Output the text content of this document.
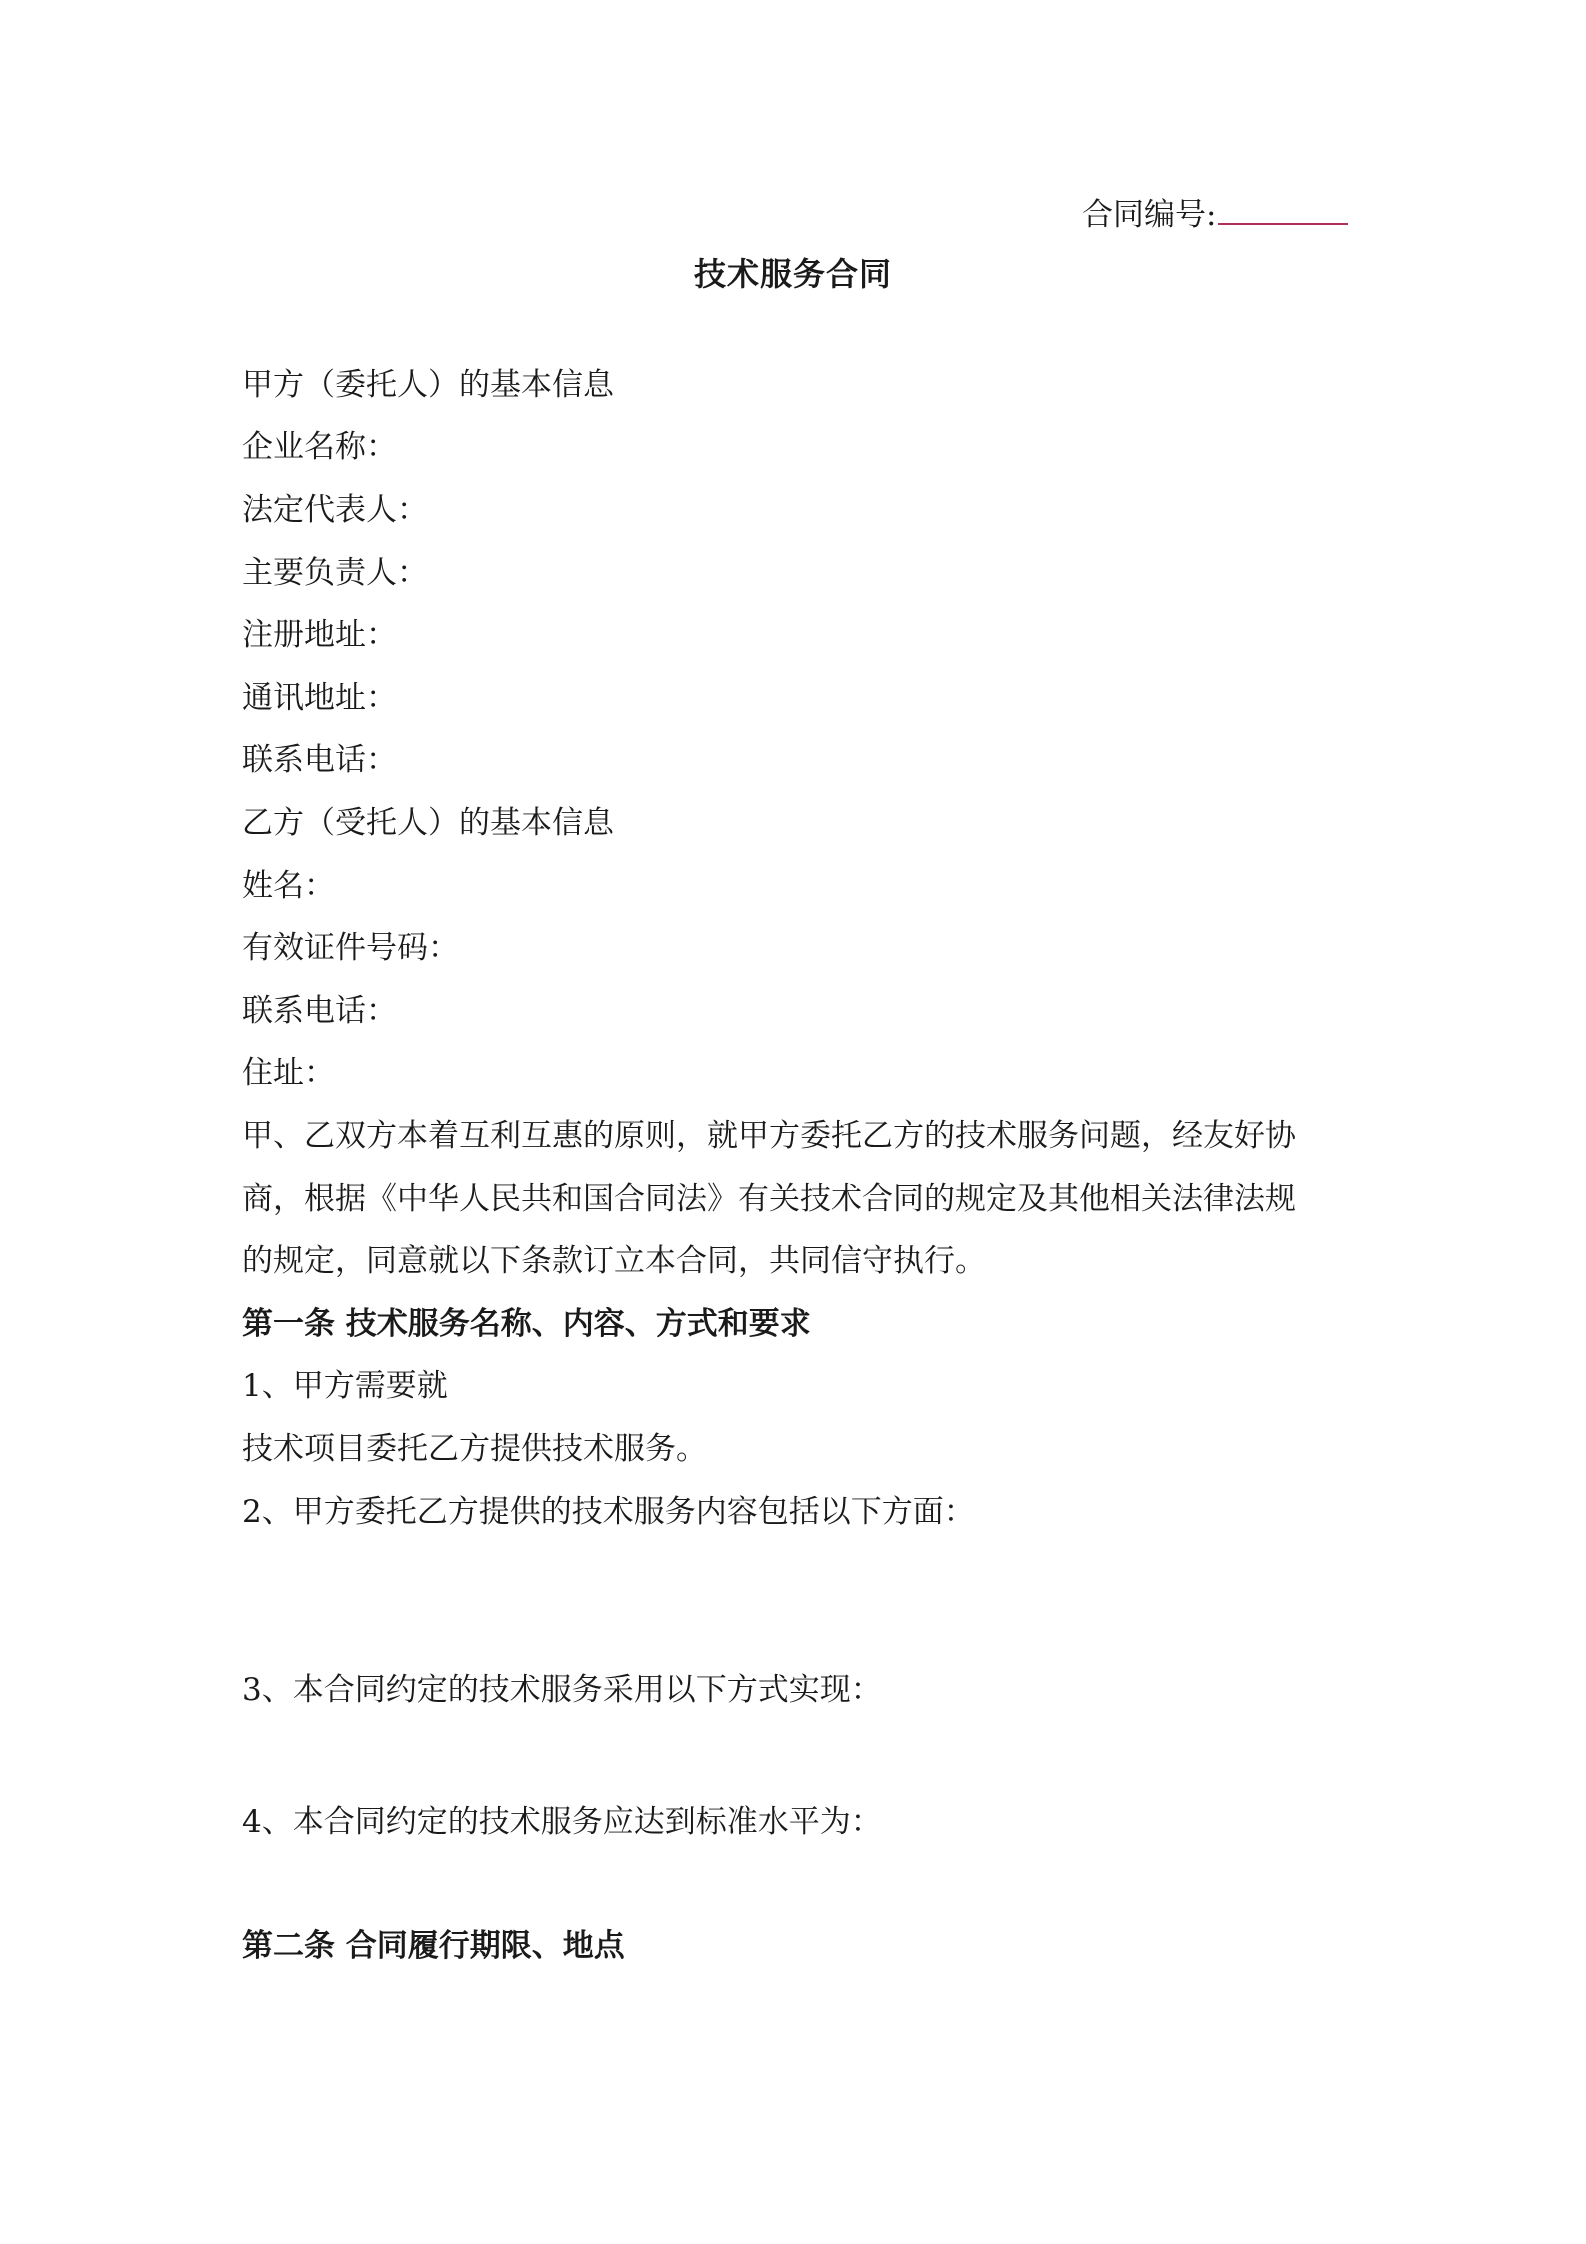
合同编号:
技术服务合同
甲方（委托人）的基本信息
企业名称：
法定代表人：
主要负责人：
注册地址：
通讯地址：
联系电话：
乙方（受托人）的基本信息
姓名：
有效证件号码：
联系电话：
住址：
甲、乙双方本着互利互惠的原则，就甲方委托乙方的技术服务问题，经友好协
商，根据《中华人民共和国合同法》有关技术合同的规定及其他相关法律法规
的规定，同意就以下条款订立本合同，共同信守执行。
第一条 技术服务名称、内容、方式和要求
1、甲方需要就
技术项目委托乙方提供技术服务。
2、甲方委托乙方提供的技术服务内容包括以下方面：
3、本合同约定的技术服务采用以下方式实现：
4、本合同约定的技术服务应达到标准水平为：
第二条 合同履行期限、地点
